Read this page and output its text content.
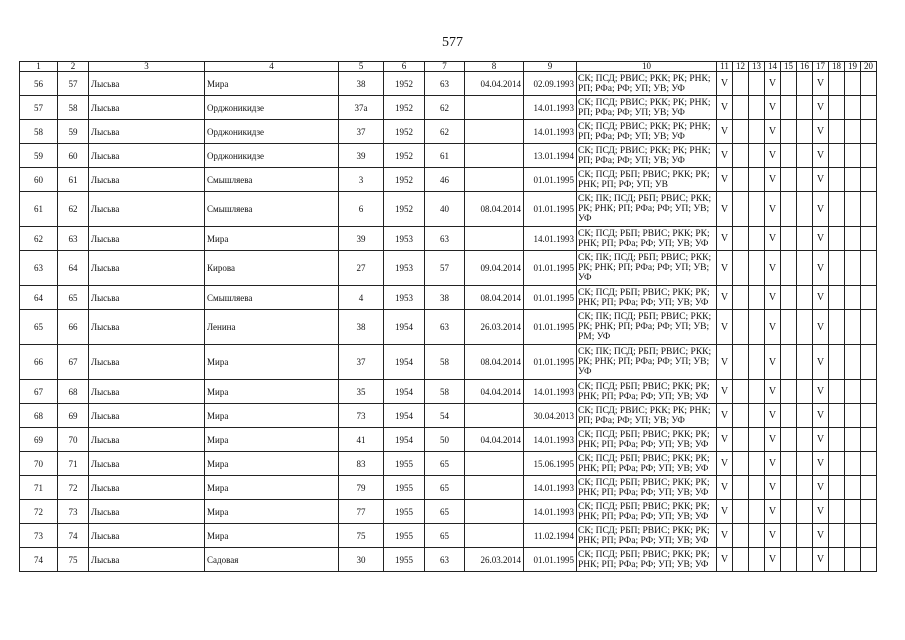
577
1	2	3	4	5	6	7	8	9	10	11	12	13	14	15	16	17	18	19	20
56	57	Лысьва	Мира	38	1952	63	04.04.2014	02.09.1993	СК; ПСД; РВИС; РКК; РК; РНК;
РП; РФа; РФ; УП; УВ; УФ	V			V			V			
57	58	Лысьва	Орджоникидзе	37а	1952	62		14.01.1993	СК; ПСД; РВИС; РКК; РК; РНК;
РП; РФа; РФ; УП; УВ; УФ	V			V			V			
58	59	Лысьва	Орджоникидзе	37	1952	62		14.01.1993	СК; ПСД; РВИС; РКК; РК; РНК;
РП; РФа; РФ; УП; УВ; УФ	V			V			V			
59	60	Лысьва	Орджоникидзе	39	1952	61		13.01.1994	СК; ПСД; РВИС; РКК; РК; РНК;
РП; РФа; РФ; УП; УВ; УФ	V			V			V			
60	61	Лысьва	Смышляева	3	1952	46		01.01.1995	СК; ПСД; РБП; РВИС; РКК; РК;
РНК; РП; РФ; УП; УВ	V			V			V			
61	62	Лысьва	Смышляева	6	1952	40	08.04.2014	01.01.1995	СК; ПК; ПСД; РБП; РВИС; РКК;
РК; РНК; РП; РФа; РФ; УП; УВ;
УФ	V			V			V			
62	63	Лысьва	Мира	39	1953	63		14.01.1993	СК; ПСД; РБП; РВИС; РКК; РК;
РНК; РП; РФа; РФ; УП; УВ; УФ	V			V			V			
63	64	Лысьва	Кирова	27	1953	57	09.04.2014	01.01.1995	СК; ПК; ПСД; РБП; РВИС; РКК;
РК; РНК; РП; РФа; РФ; УП; УВ;
УФ	V			V			V			
64	65	Лысьва	Смышляева	4	1953	38	08.04.2014	01.01.1995	СК; ПСД; РБП; РВИС; РКК; РК;
РНК; РП; РФа; РФ; УП; УВ; УФ	V			V			V			
65	66	Лысьва	Ленина	38	1954	63	26.03.2014	01.01.1995	СК; ПК; ПСД; РБП; РВИС; РКК;
РК; РНК; РП; РФа; РФ; УП; УВ;
РМ; УФ	V			V			V			
66	67	Лысьва	Мира	37	1954	58	08.04.2014	01.01.1995	СК; ПК; ПСД; РБП; РВИС; РКК;
РК; РНК; РП; РФа; РФ; УП; УВ;
УФ	V			V			V			
67	68	Лысьва	Мира	35	1954	58	04.04.2014	14.01.1993	СК; ПСД; РБП; РВИС; РКК; РК;
РНК; РП; РФа; РФ; УП; УВ; УФ	V			V			V			
68	69	Лысьва	Мира	73	1954	54		30.04.2013	СК; ПСД; РВИС; РКК; РК; РНК;
РП; РФа; РФ; УП; УВ; УФ	V			V			V			
69	70	Лысьва	Мира	41	1954	50	04.04.2014	14.01.1993	СК; ПСД; РБП; РВИС; РКК; РК;
РНК; РП; РФа; РФ; УП; УВ; УФ	V			V			V			
70	71	Лысьва	Мира	83	1955	65		15.06.1995	СК; ПСД; РБП; РВИС; РКК; РК;
РНК; РП; РФа; РФ; УП; УВ; УФ	V			V			V			
71	72	Лысьва	Мира	79	1955	65		14.01.1993	СК; ПСД; РБП; РВИС; РКК; РК;
РНК; РП; РФа; РФ; УП; УВ; УФ	V			V			V			
72	73	Лысьва	Мира	77	1955	65		14.01.1993	СК; ПСД; РБП; РВИС; РКК; РК;
РНК; РП; РФа; РФ; УП; УВ; УФ	V			V			V			
73	74	Лысьва	Мира	75	1955	65		11.02.1994	СК; ПСД; РБП; РВИС; РКК; РК;
РНК; РП; РФа; РФ; УП; УВ; УФ	V			V			V			
74	75	Лысьва	Садовая	30	1955	63	26.03.2014	01.01.1995	СК; ПСД; РБП; РВИС; РКК; РК;
РНК; РП; РФа; РФ; УП; УВ; УФ	V			V			V			
